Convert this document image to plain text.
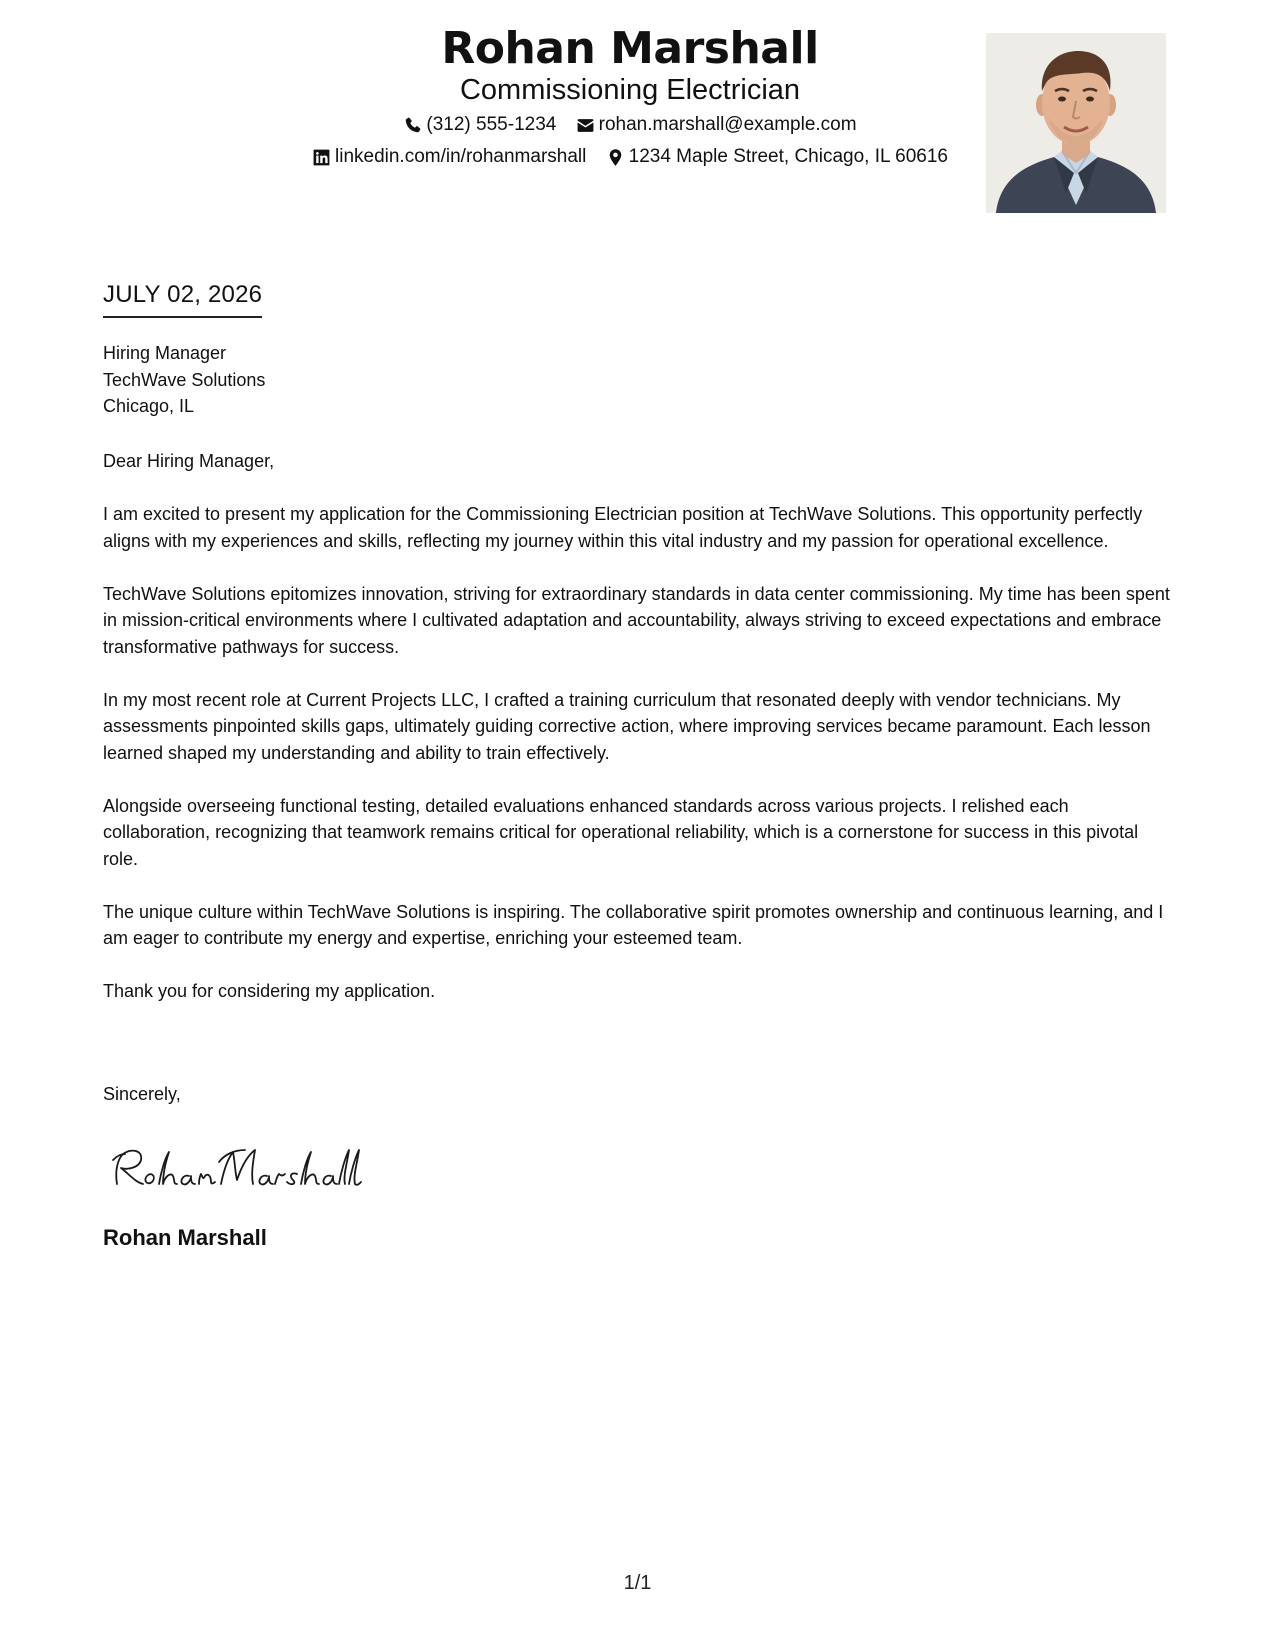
Rohan Marshall
Commissioning Electrician
(312) 555-1234
rohan.marshall@example.com
linkedin.com/in/rohanmarshall
1234 Maple Street, Chicago, IL 60616
JULY 02, 2026
Hiring Manager
TechWave Solutions
Chicago, IL

Dear Hiring Manager,

I am excited to present my application for the Commissioning Electrician position at TechWave Solutions. This opportunity perfectly aligns with my experiences and skills, reflecting my journey within this vital industry and my passion for operational excellence.

TechWave Solutions epitomizes innovation, striving for extraordinary standards in data center commissioning. My time has been spent in mission-critical environments where I cultivated adaptation and accountability, always striving to exceed expectations and embrace transformative pathways for success.

In my most recent role at Current Projects LLC, I crafted a training curriculum that resonated deeply with vendor technicians. My assessments pinpointed skills gaps, ultimately guiding corrective action, where improving services became paramount. Each lesson learned shaped my understanding and ability to train effectively.

Alongside overseeing functional testing, detailed evaluations enhanced standards across various projects. I relished each collaboration, recognizing that teamwork remains critical for operational reliability, which is a cornerstone for success in this pivotal role.

The unique culture within TechWave Solutions is inspiring. The collaborative spirit promotes ownership and continuous learning, and I am eager to contribute my energy and expertise, enriching your esteemed team.

Thank you for considering my application.

Sincerely,
Rohan Marshall
1/1
